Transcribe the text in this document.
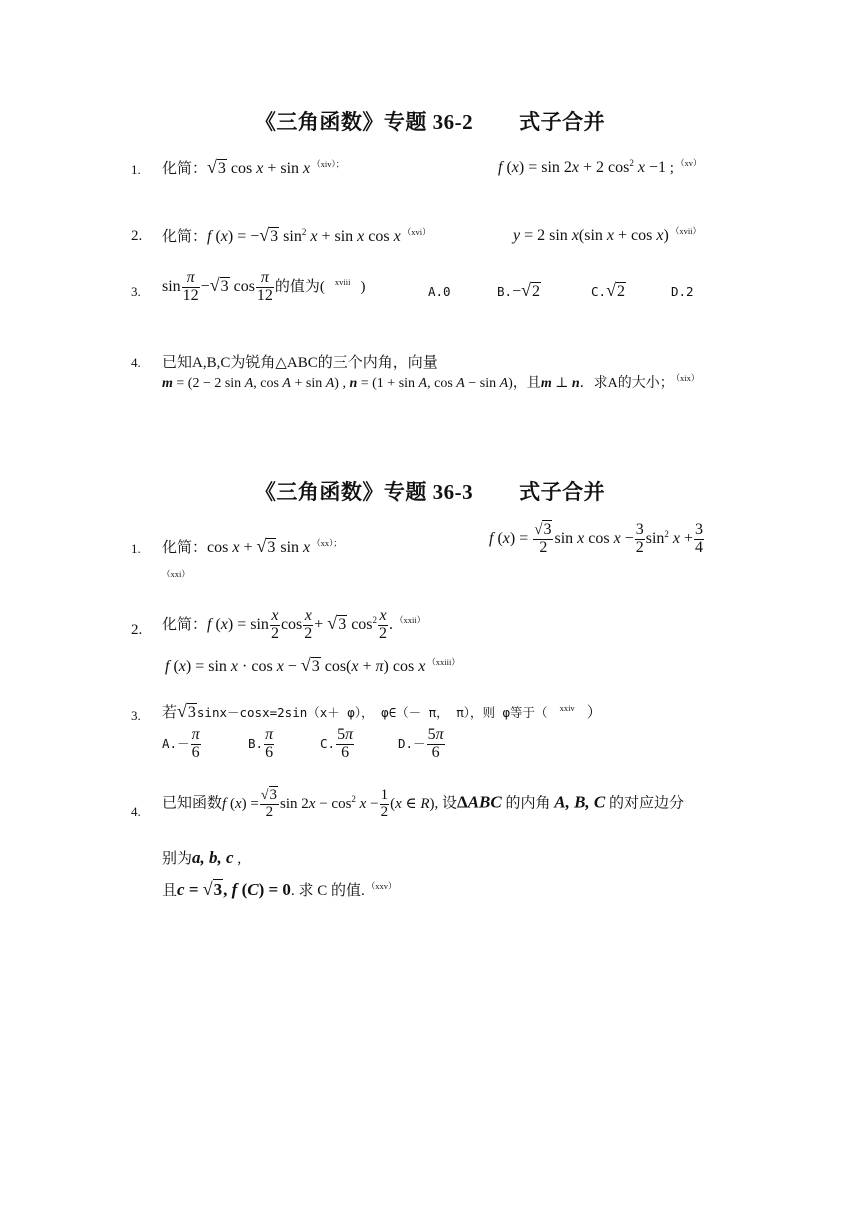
《三角函数》专题 36-2 式子合并
1. 化简：√3 cos x + sin x $^{(xiv);}$	f (x) = sin 2x + 2 $\cos^2 x -1$ ; $^{(xv)}$
2. 化简：f (x) = −√3 $\sin^2 x + \sin x$ cos x $^{(xvi)}$	y = 2 sin x(sin x + cos x) $^{(xvii)}$
3. $\sin \frac{\pi}{12} -√3$ $\cos \frac{\pi}{12}$ 的值为( $^{xviii}$ )	A.0	B.−√2	C.√2	D.2
4. 已知A,B,C为锐角△ABC的三个内角，向量
m = (2 − 2 sin A, cos A + sin A) , n = (1 + sin A, cos A − sin A)，且m ⊥ n．求A的大小； $^{(xix)}$
《三角函数》专题 36-3 式子合并
1. 化简：cos x + √3 sin x $^{(xx);}$	f $(x) = \frac{√3}{2}$ sin x $\cos x - \frac{3}{2} \sin^2 x + \frac{3}{4}$
$^{(xxi)}$
2. 化简：f $(x) = \sin \frac{x}{2}$ $\cos \frac{x}{2} + √3$ $\cos^2 \frac{x}{2}$ . $^{(xxii)}$
f (x) = sin x · cos x − √3 cos(x + π) cos x $^{(xxiii)}$
3. 若√3sinx－cosx=2sin（x＋ φ）， φ∈（－ π， π），则 φ等于（ $^{xxiv}$ ）
$A.- \frac{\pi}{6}$	B. $\frac{\pi}{6}$	C. $\frac{5\pi}{6}$	$D.- \frac{5\pi}{6}$
4. 已知函数f $(x) = \frac{√3}{2}$ $\sin 2x - \cos^2 x - \frac{1}{2} (x$ ∈ R), 设ΔABC 的内角 A, B, C 的对应边分
别为a, b, c ,
且c = √3, f (C) = 0. 求 C 的值. $^{(xxv)}$
